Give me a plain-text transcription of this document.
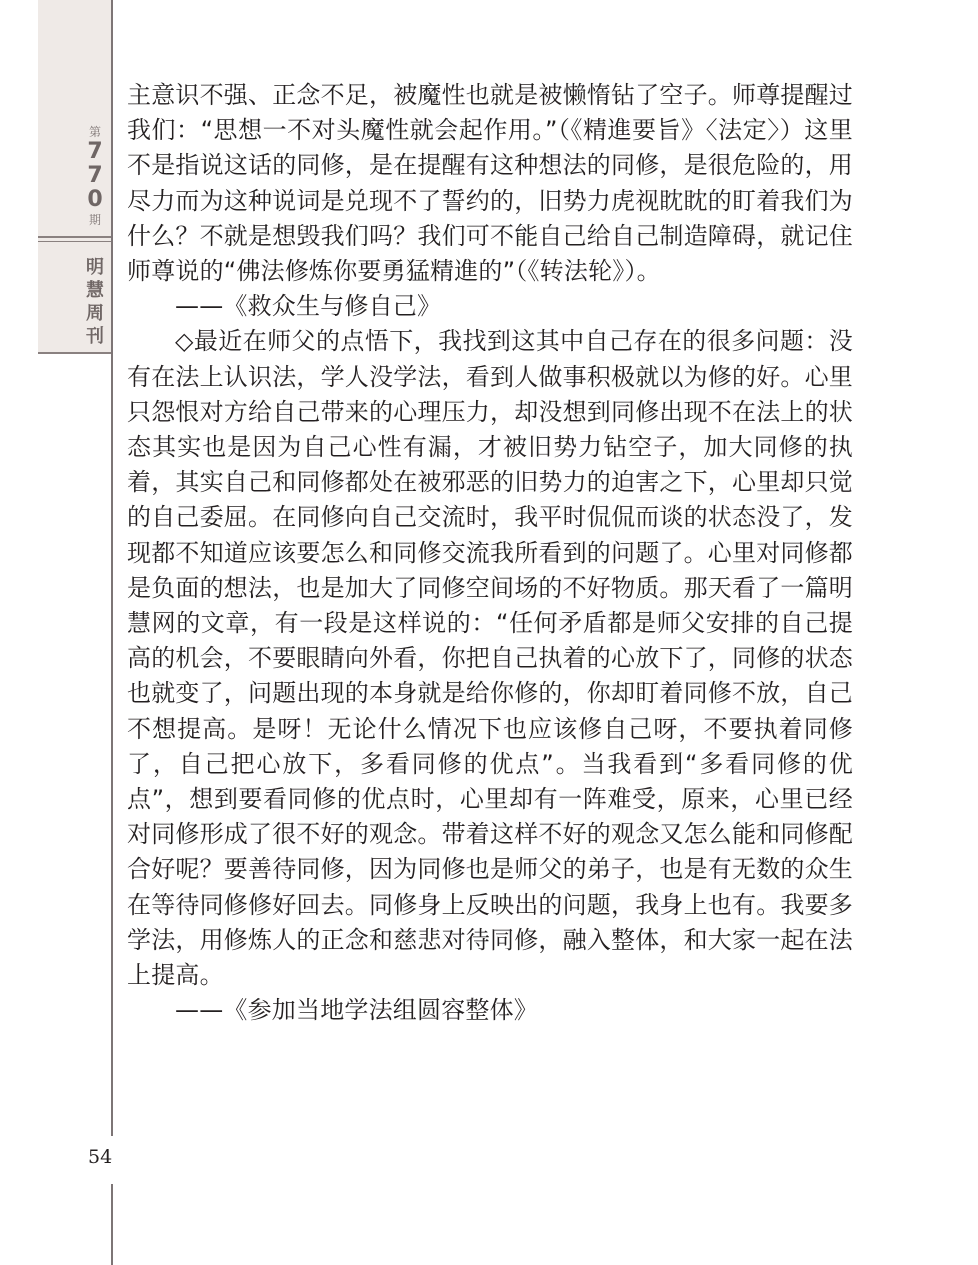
第
7
7
0
期
明
慧
周
刊
54

主意识不强、正念不足，被魔性也就是被懒惰钻了空子。师尊提醒过我们：“思想一不对头魔性就会起作用。”（《精進要旨》〈法定〉）这里不是指说这话的同修，是在提醒有这种想法的同修，是很危险的，用尽力而为这种说词是兑现不了誓约的，旧势力虎视眈眈的盯着我们为什么？不就是想毁我们吗？我们可不能自己给自己制造障碍，就记住师尊说的“佛法修炼你要勇猛精進的”（《转法轮》）。

——《救众生与修自己》

◇最近在师父的点悟下，我找到这其中自己存在的很多问题：没有在法上认识法，学人没学法，看到人做事积极就以为修的好。心里只怨恨对方给自己带来的心理压力，却没想到同修出现不在法上的状态其实也是因为自己心性有漏，才被旧势力钻空子，加大同修的执着，其实自己和同修都处在被邪恶的旧势力的迫害之下，心里却只觉的自己委屈。在同修向自己交流时，我平时侃侃而谈的状态没了，发现都不知道应该要怎么和同修交流我所看到的问题了。心里对同修都是负面的想法，也是加大了同修空间场的不好物质。那天看了一篇明慧网的文章，有一段是这样说的：“任何矛盾都是师父安排的自己提高的机会，不要眼睛向外看，你把自己执着的心放下了，同修的状态也就变了，问题出现的本身就是给你修的，你却盯着同修不放，自己不想提高。是呀！无论什么情况下也应该修自己呀，不要执着同修了，自己把心放下，多看同修的优点”。当我看到“多看同修的优点”，想到要看同修的优点时，心里却有一阵难受，原来，心里已经对同修形成了很不好的观念。带着这样不好的观念又怎么能和同修配合好呢？要善待同修，因为同修也是师父的弟子，也是有无数的众生在等待同修修好回去。同修身上反映出的问题，我身上也有。我要多学法，用修炼人的正念和慈悲对待同修，融入整体，和大家一起在法上提高。

——《参加当地学法组圆容整体》
